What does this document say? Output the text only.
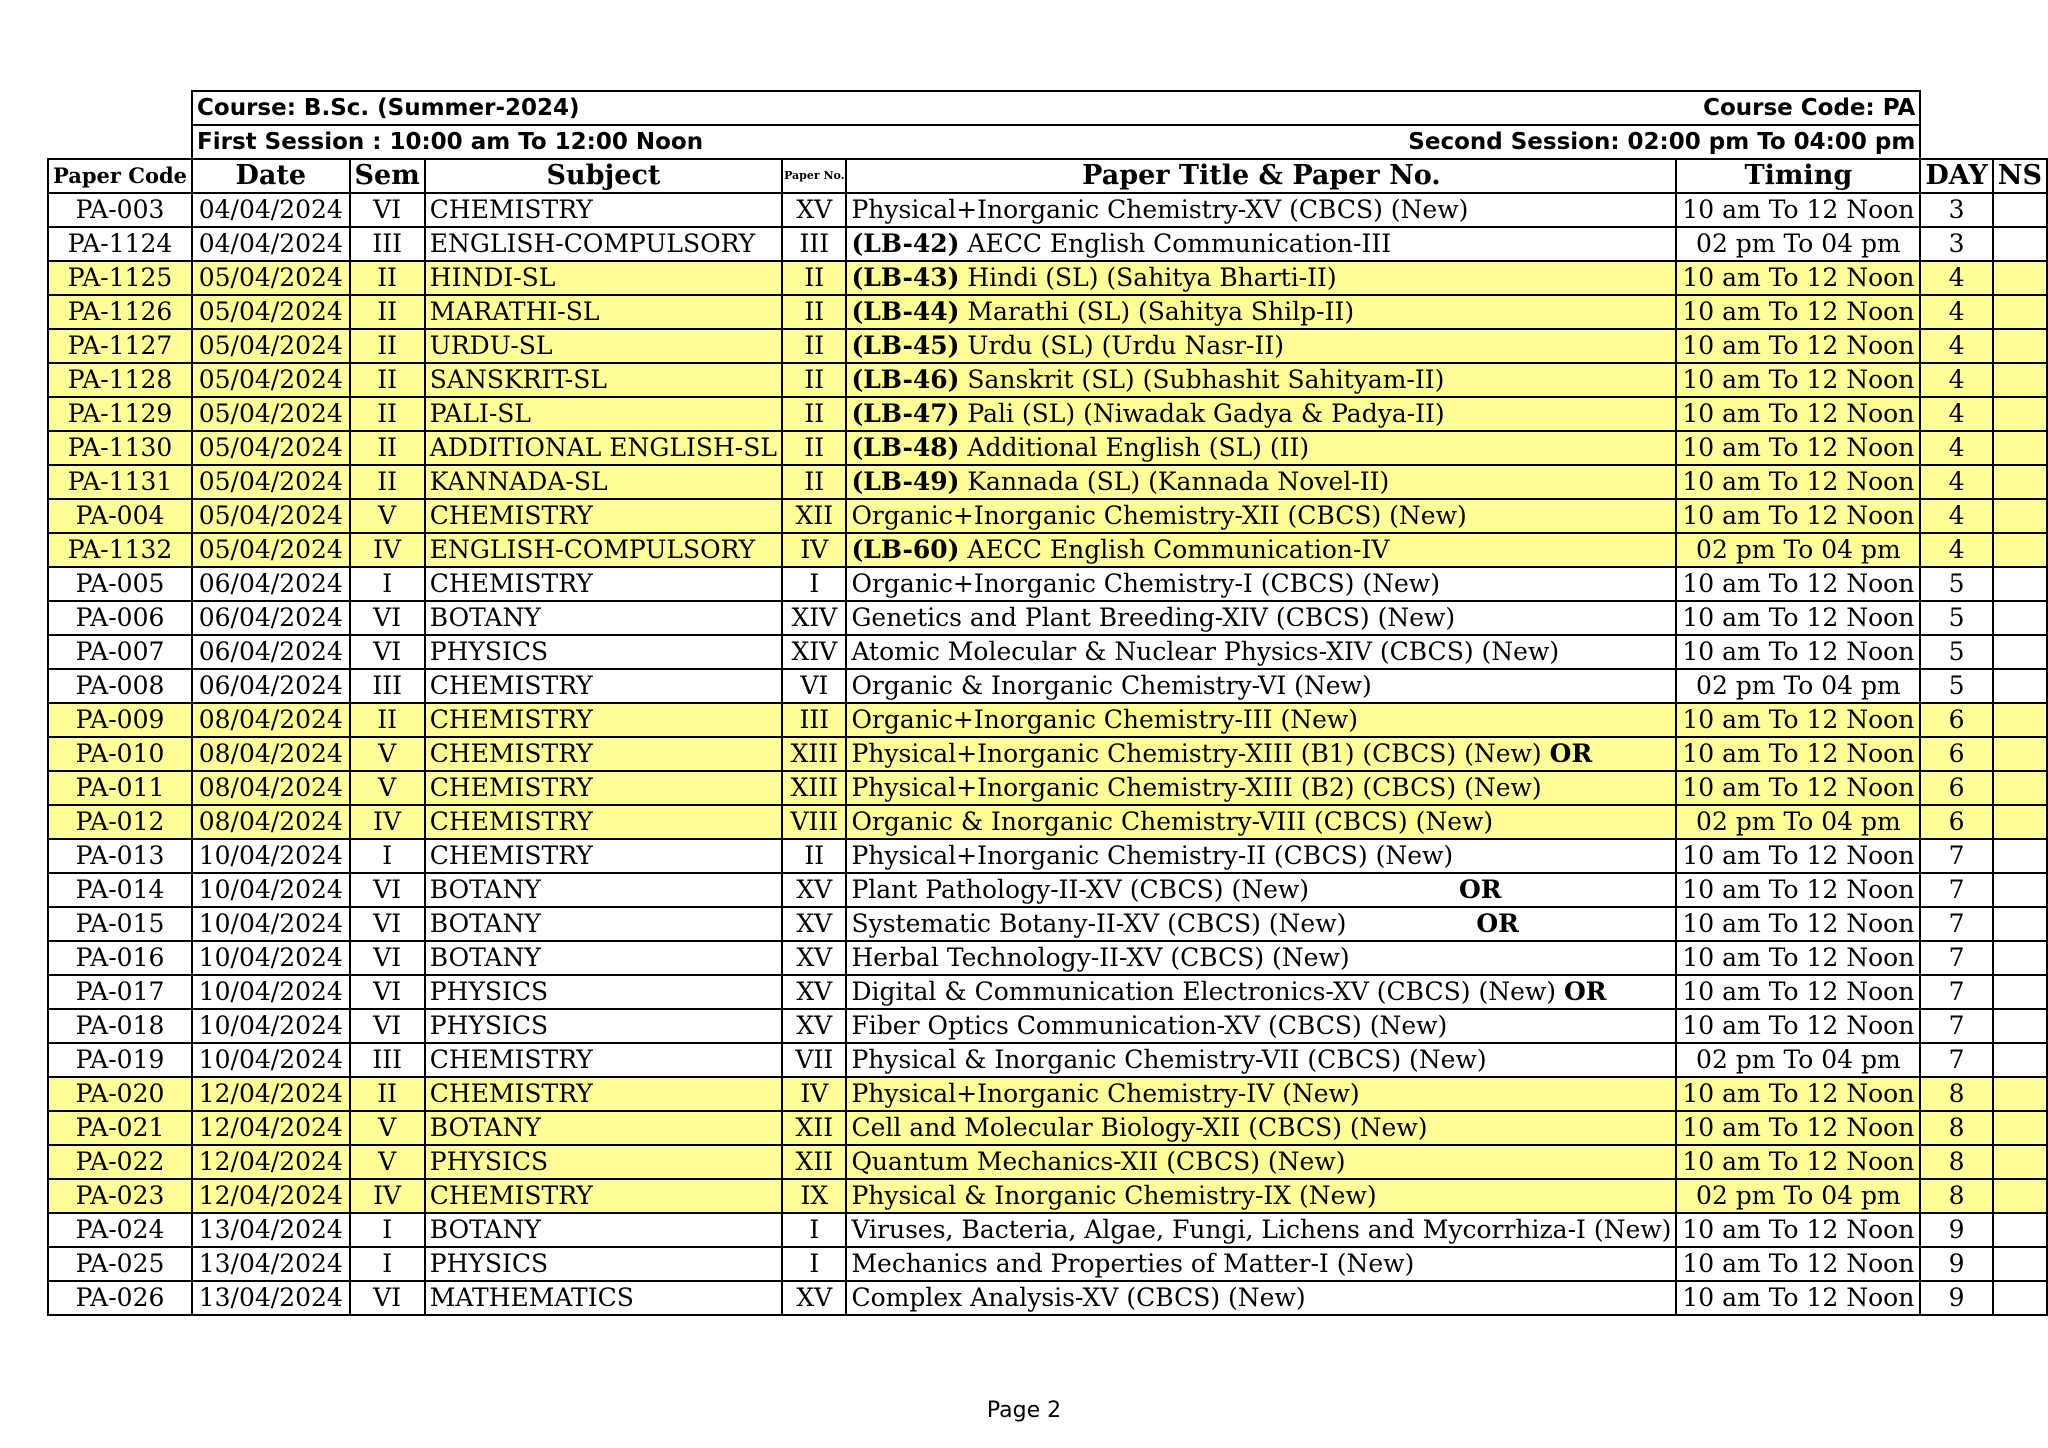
	Course: B.Sc. (Summer-2024) Course Code: PA							

	First Session : 10:00 am To 12:00 Noon Second Session: 02:00 pm To 04:00 pm							

Paper Code	Date	Sem	Subject	Paper No.	Paper Title & Paper No.	Timing	DAY	NS
PA-003	04/04/2024	VI	CHEMISTRY	XV	Physical+Inorganic Chemistry-XV (CBCS) (New)	10 am To 12 Noon	3	
PA-1124	04/04/2024	III	ENGLISH-COMPULSORY	III	(LB-42) AECC English Communication-III	02 pm To 04 pm	3	
PA-1125	05/04/2024	II	HINDI-SL	II	(LB-43) Hindi (SL) (Sahitya Bharti-II)	10 am To 12 Noon	4	
PA-1126	05/04/2024	II	MARATHI-SL	II	(LB-44) Marathi (SL) (Sahitya Shilp-II)	10 am To 12 Noon	4	
PA-1127	05/04/2024	II	URDU-SL	II	(LB-45) Urdu (SL) (Urdu Nasr-II)	10 am To 12 Noon	4	
PA-1128	05/04/2024	II	SANSKRIT-SL	II	(LB-46) Sanskrit (SL) (Subhashit Sahityam-II)	10 am To 12 Noon	4	
PA-1129	05/04/2024	II	PALI-SL	II	(LB-47) Pali (SL) (Niwadak Gadya & Padya-II)	10 am To 12 Noon	4	
PA-1130	05/04/2024	II	ADDITIONAL ENGLISH-SL	II	(LB-48) Additional English (SL) (II)	10 am To 12 Noon	4	
PA-1131	05/04/2024	II	KANNADA-SL	II	(LB-49) Kannada (SL) (Kannada Novel-II)	10 am To 12 Noon	4	
PA-004	05/04/2024	V	CHEMISTRY	XII	Organic+Inorganic Chemistry-XII (CBCS) (New)	10 am To 12 Noon	4	
PA-1132	05/04/2024	IV	ENGLISH-COMPULSORY	IV	(LB-60) AECC English Communication-IV	02 pm To 04 pm	4	
PA-005	06/04/2024	I	CHEMISTRY	I	Organic+Inorganic Chemistry-I (CBCS) (New)	10 am To 12 Noon	5	
PA-006	06/04/2024	VI	BOTANY	XIV	Genetics and Plant Breeding-XIV (CBCS) (New)	10 am To 12 Noon	5	
PA-007	06/04/2024	VI	PHYSICS	XIV	Atomic Molecular & Nuclear Physics-XIV (CBCS) (New)	10 am To 12 Noon	5	
PA-008	06/04/2024	III	CHEMISTRY	VI	Organic & Inorganic Chemistry-VI (New)	02 pm To 04 pm	5	
PA-009	08/04/2024	II	CHEMISTRY	III	Organic+Inorganic Chemistry-III (New)	10 am To 12 Noon	6	
PA-010	08/04/2024	V	CHEMISTRY	XIII	Physical+Inorganic Chemistry-XIII (B1) (CBCS) (New) OR	10 am To 12 Noon	6	
PA-011	08/04/2024	V	CHEMISTRY	XIII	Physical+Inorganic Chemistry-XIII (B2) (CBCS) (New)	10 am To 12 Noon	6	
PA-012	08/04/2024	IV	CHEMISTRY	VIII	Organic & Inorganic Chemistry-VIII (CBCS) (New)	02 pm To 04 pm	6	
PA-013	10/04/2024	I	CHEMISTRY	II	Physical+Inorganic Chemistry-II (CBCS) (New)	10 am To 12 Noon	7	
PA-014	10/04/2024	VI	BOTANY	XV	Plant Pathology-II-XV (CBCS) (New) OR	10 am To 12 Noon	7	
PA-015	10/04/2024	VI	BOTANY	XV	Systematic Botany-II-XV (CBCS) (New) OR	10 am To 12 Noon	7	
PA-016	10/04/2024	VI	BOTANY	XV	Herbal Technology-II-XV (CBCS) (New)	10 am To 12 Noon	7	
PA-017	10/04/2024	VI	PHYSICS	XV	Digital & Communication Electronics-XV (CBCS) (New) OR	10 am To 12 Noon	7	
PA-018	10/04/2024	VI	PHYSICS	XV	Fiber Optics Communication-XV (CBCS) (New)	10 am To 12 Noon	7	
PA-019	10/04/2024	III	CHEMISTRY	VII	Physical & Inorganic Chemistry-VII (CBCS) (New)	02 pm To 04 pm	7	
PA-020	12/04/2024	II	CHEMISTRY	IV	Physical+Inorganic Chemistry-IV (New)	10 am To 12 Noon	8	
PA-021	12/04/2024	V	BOTANY	XII	Cell and Molecular Biology-XII (CBCS) (New)	10 am To 12 Noon	8	
PA-022	12/04/2024	V	PHYSICS	XII	Quantum Mechanics-XII (CBCS) (New)	10 am To 12 Noon	8	
PA-023	12/04/2024	IV	CHEMISTRY	IX	Physical & Inorganic Chemistry-IX (New)	02 pm To 04 pm	8	
PA-024	13/04/2024	I	BOTANY	I	Viruses, Bacteria, Algae, Fungi, Lichens and Mycorrhiza-I (New)	10 am To 12 Noon	9	
PA-025	13/04/2024	I	PHYSICS	I	Mechanics and Properties of Matter-I (New)	10 am To 12 Noon	9	
PA-026	13/04/2024	VI	MATHEMATICS	XV	Complex Analysis-XV (CBCS) (New)	10 am To 12 Noon	9	
Page 2
